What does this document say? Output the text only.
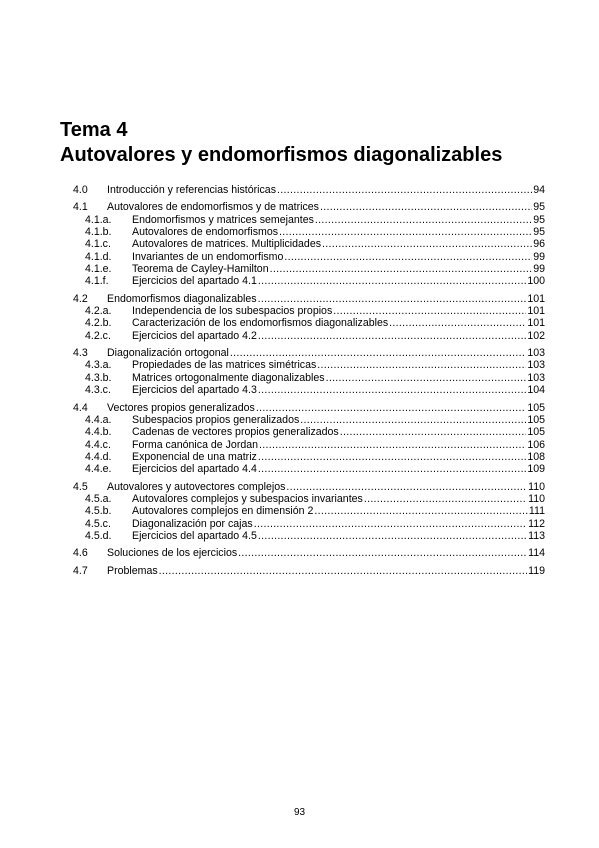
Tema 4
Autovalores y endomorfismos diagonalizables
4.0	Introducción y referencias históricas .....	94
4.1	Autovalores de endomorfismos y de matrices .....	95
4.1.a.	Endomorfismos y matrices semejantes .....	95
4.1.b.	Autovalores de endomorfismos .....	95
4.1.c.	Autovalores de matrices. Multiplicidades .....	96
4.1.d.	Invariantes de un endomorfismo .....	99
4.1.e.	Teorema de Cayley-Hamilton .....	99
4.1.f.	Ejercicios del apartado 4.1 .....	100
4.2	Endomorfismos diagonalizables .....	101
4.2.a.	Independencia de los subespacios propios .....	101
4.2.b.	Caracterización de los endomorfismos diagonalizables .....	101
4.2.c.	Ejercicios del apartado 4.2 .....	102
4.3	Diagonalización ortogonal .....	103
4.3.a.	Propiedades de las matrices simétricas .....	103
4.3.b.	Matrices ortogonalmente diagonalizables .....	103
4.3.c.	Ejercicios del apartado 4.3 .....	104
4.4	Vectores propios generalizados .....	105
4.4.a.	Subespacios propios generalizados .....	105
4.4.b.	Cadenas de vectores propios generalizados .....	105
4.4.c.	Forma canónica de Jordan .....	106
4.4.d.	Exponencial de una matriz .....	108
4.4.e.	Ejercicios del apartado 4.4 .....	109
4.5	Autovalores y autovectores complejos .....	110
4.5.a.	Autovalores complejos y subespacios invariantes .....	110
4.5.b.	Autovalores complejos en dimensión 2 .....	111
4.5.c.	Diagonalización por cajas .....	112
4.5.d.	Ejercicios del apartado 4.5 .....	113
4.6	Soluciones de los ejercicios .....	114
4.7	Problemas .....	119
93
